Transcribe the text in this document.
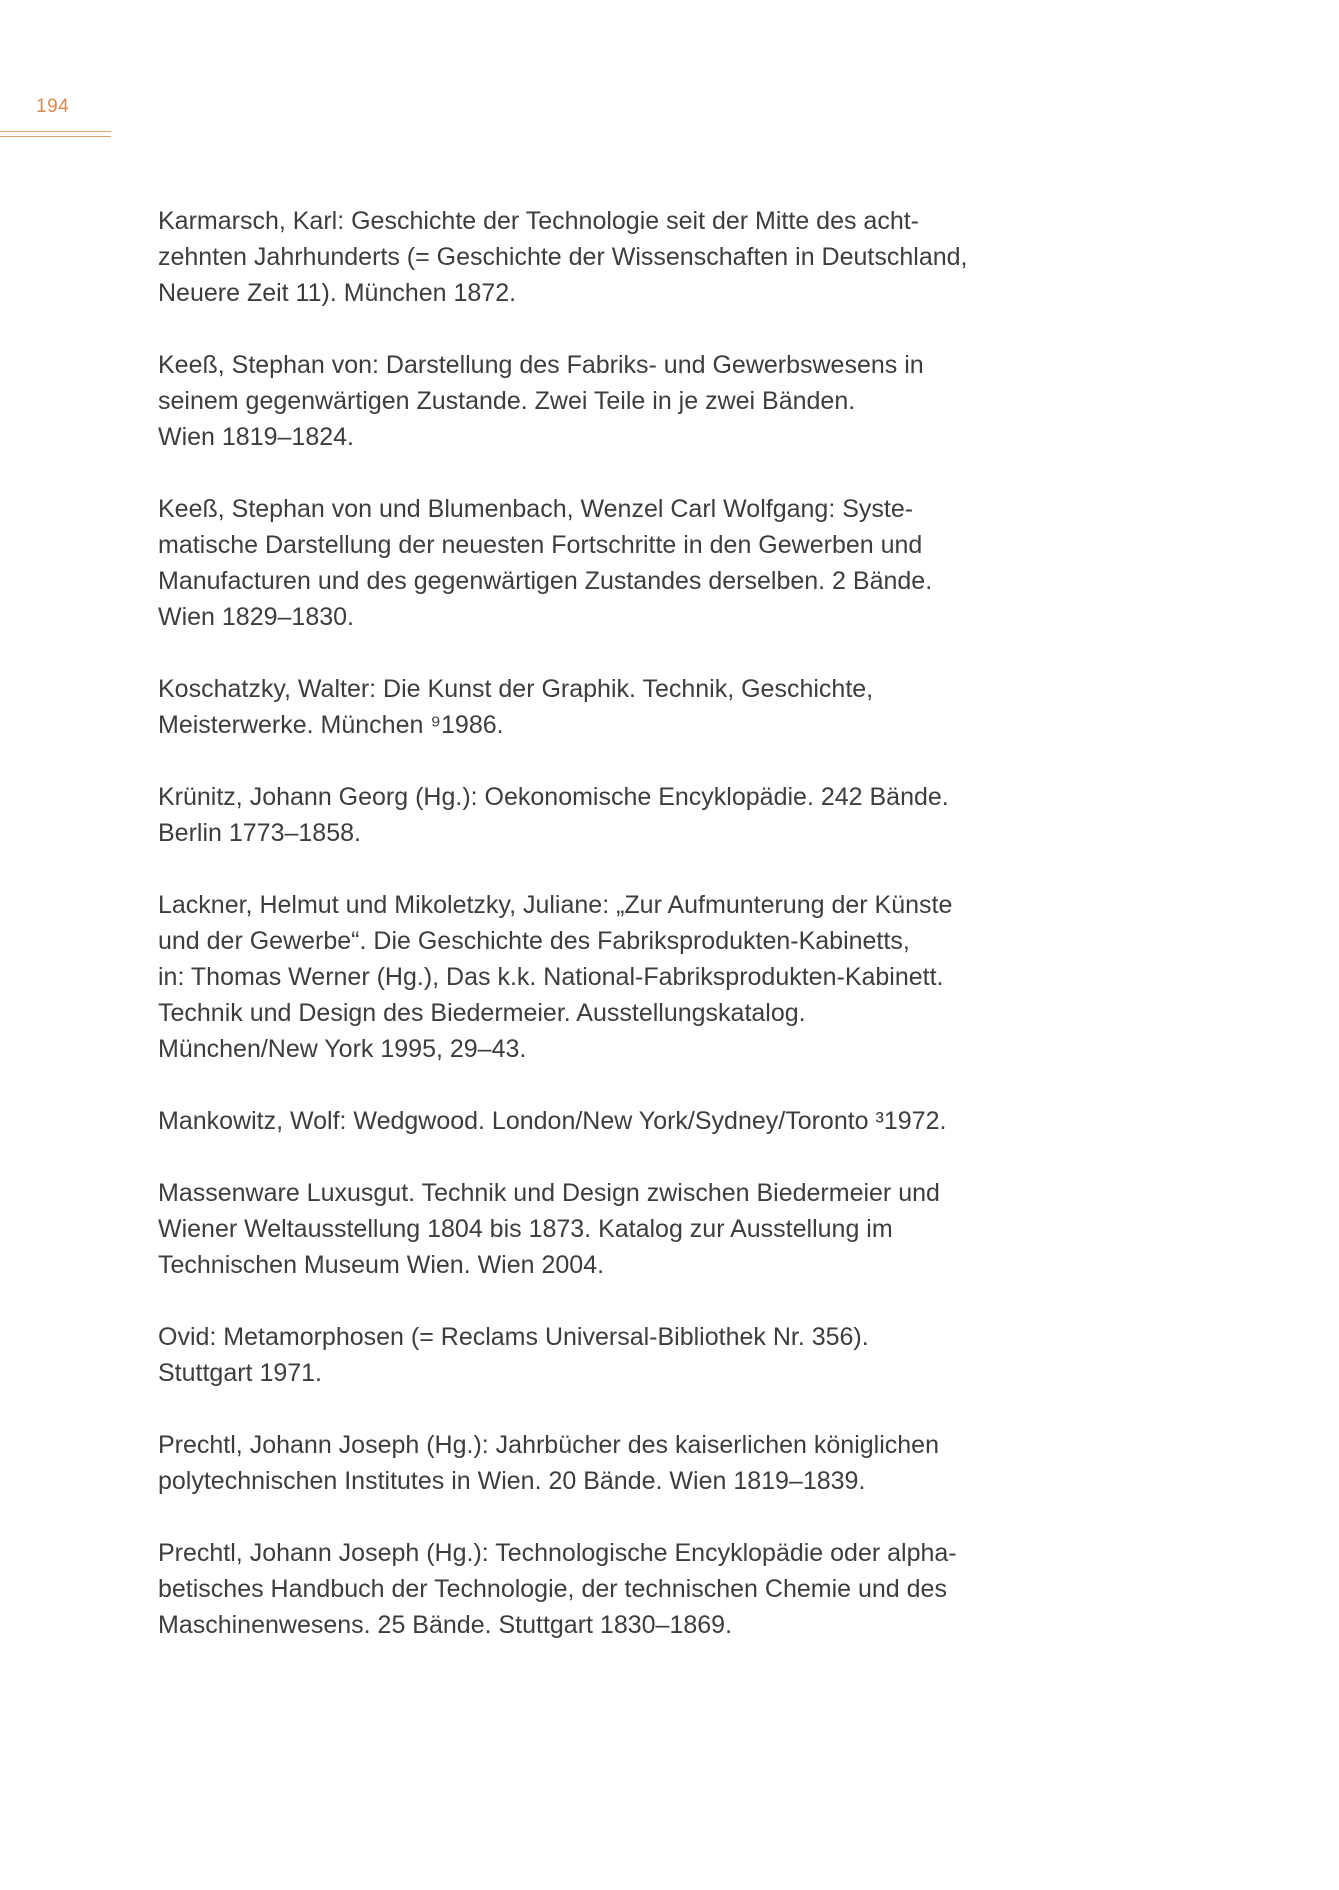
194
Karmarsch, Karl: Geschichte der Technologie seit der Mitte des acht-
zehnten Jahrhunderts (= Geschichte der Wissenschaften in Deutschland,
Neuere Zeit 11). München 1872.
Keeß, Stephan von: Darstellung des Fabriks- und Gewerbswesens in
seinem gegenwärtigen Zustande. Zwei Teile in je zwei Bänden.
Wien 1819–1824.
Keeß, Stephan von und Blumenbach, Wenzel Carl Wolfgang: Syste-
matische Darstellung der neuesten Fortschritte in den Gewerben und
Manufacturen und des gegenwärtigen Zustandes derselben. 2 Bände.
Wien 1829–1830.
Koschatzky, Walter: Die Kunst der Graphik. Technik, Geschichte,
Meisterwerke. München ⁹1986.
Krünitz, Johann Georg (Hg.): Oekonomische Encyklopädie. 242 Bände.
Berlin 1773–1858.
Lackner, Helmut und Mikoletzky, Juliane: „Zur Aufmunterung der Künste
und der Gewerbe“. Die Geschichte des Fabriksprodukten-Kabinetts,
in: Thomas Werner (Hg.), Das k.k. National-Fabriksprodukten-Kabinett.
Technik und Design des Biedermeier. Ausstellungskatalog.
München/New York 1995, 29–43.
Mankowitz, Wolf: Wedgwood. London/New York/Sydney/Toronto ³1972.
Massenware Luxusgut. Technik und Design zwischen Biedermeier und
Wiener Weltausstellung 1804 bis 1873. Katalog zur Ausstellung im
Technischen Museum Wien. Wien 2004.
Ovid: Metamorphosen (= Reclams Universal-Bibliothek Nr. 356).
Stuttgart 1971.
Prechtl, Johann Joseph (Hg.): Jahrbücher des kaiserlichen königlichen
polytechnischen Institutes in Wien. 20 Bände. Wien 1819–1839.
Prechtl, Johann Joseph (Hg.): Technologische Encyklopädie oder alpha-
betisches Handbuch der Technologie, der technischen Chemie und des
Maschinenwesens. 25 Bände. Stuttgart 1830–1869.
